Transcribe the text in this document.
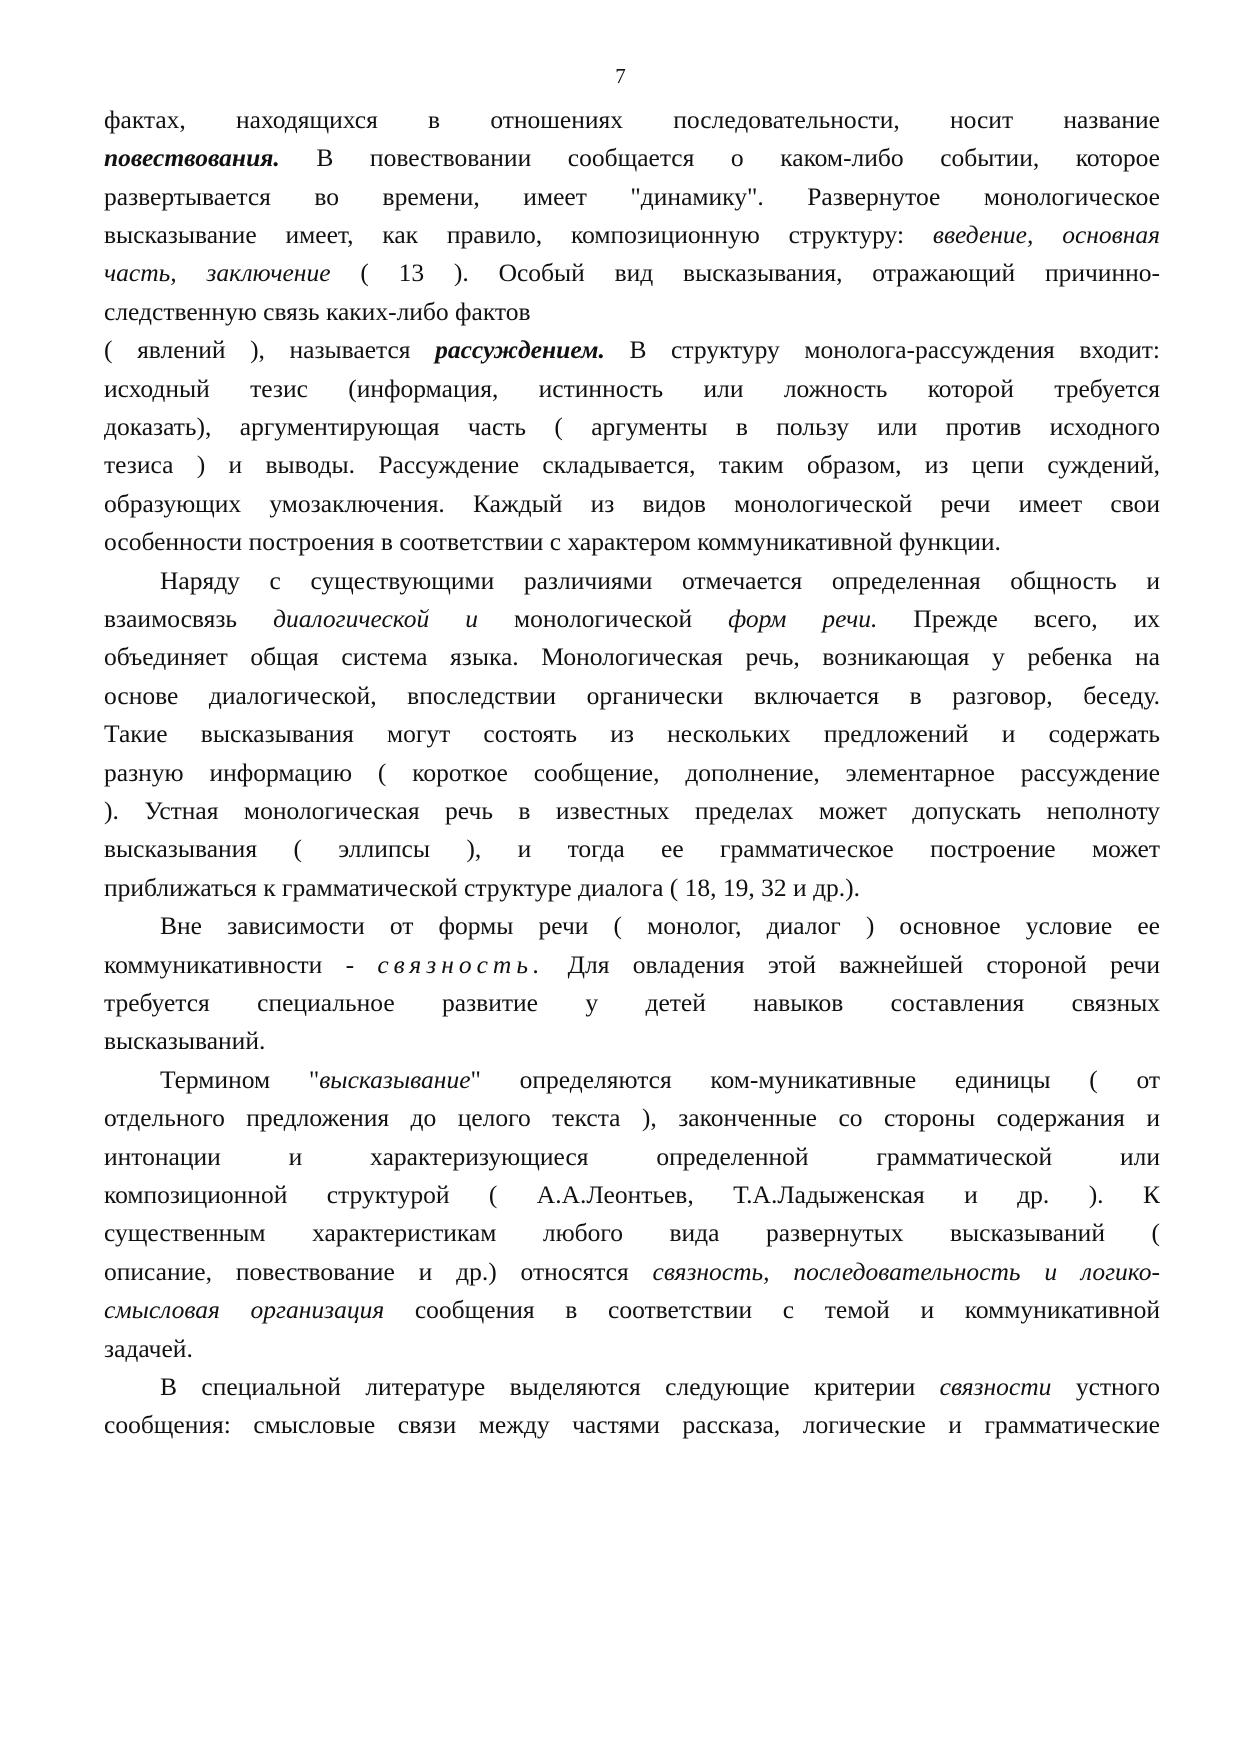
7
фактах, находящихся в отношениях последовательности, носит название
повествования. В повествовании сообщается о каком-либо событии, которое
развертывается во времени, имеет "динамику". Развернутое монологическое
высказывание имеет, как правило, композиционную структуру: введение, основная
часть, заключение ( 13 ). Особый вид высказывания, отражающий причинно-
следственную связь каких-либо фактов
( явлений ), называется рассуждением. В структуру монолога-рассуждения входит:
исходный тезис (информация, истинность или ложность которой требуется
доказать), аргументирующая часть ( аргументы в пользу или против исходного
тезиса ) и выводы. Рассуждение складывается, таким образом, из цепи суждений,
образующих умозаключения. Каждый из видов монологической речи имеет свои
особенности построения в соответствии с характером коммуникативной функции.
Наряду с существующими различиями отмечается определенная общность и
взаимосвязь диалогической и монологической форм речи. Прежде всего, их
объединяет общая система языка. Монологическая речь, возникающая у ребенка на
основе диалогической, впоследствии органически включается в разговор, беседу.
Такие высказывания могут состоять из нескольких предложений и содержать
разную информацию ( короткое сообщение, дополнение, элементарное рассуждение
). Устная монологическая речь в известных пределах может допускать неполноту
высказывания ( эллипсы ), и тогда ее грамматическое построение может
приближаться к грамматической структуре диалога ( 18, 19, 32 и др.).
Вне зависимости от формы речи ( монолог, диалог ) основное условие ее
коммуникативности - связность. Для овладения этой важнейшей стороной речи
требуется специальное развитие у детей навыков составления связных
высказываний.
Термином "высказывание" определяются ком-муникативные единицы ( от
отдельного предложения до целого текста ), законченные со стороны содержания и
интонации и характеризующиеся определенной грамматической или
композиционной структурой ( А.А.Леонтьев, Т.А.Ладыженская и др. ). К
существенным характеристикам любого вида развернутых высказываний (
описание, повествование и др.) относятся связность, последовательность и логико-
смысловая организация сообщения в соответствии с темой и коммуникативной
задачей.
В специальной литературе выделяются следующие критерии связности устного
сообщения: смысловые связи между частями рассказа, логические и грамматические
